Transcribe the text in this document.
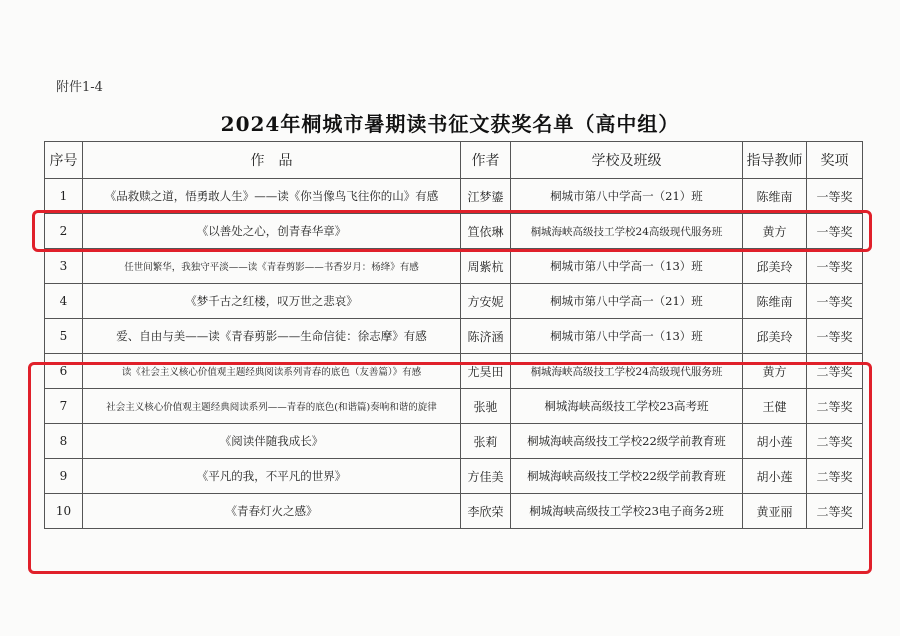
附件1-4
2024年桐城市暑期读书征文获奖名单（高中组）
序号	作　品	作者	学校及班级	指导教师	奖项
1	《品救赎之道，悟勇敢人生》——读《你当像鸟飞往你的山》有感	江梦鎏	桐城市第八中学高一（21）班	陈维南	一等奖
2	《以善处之心，创青春华章》	笪依琳	桐城海峡高级技工学校24高级现代服务班	黄方	一等奖
3	任世间繁华，我独守平淡——读《青春剪影——书香岁月：杨绛》有感	周紫杭	桐城市第八中学高一（13）班	邱美玲	一等奖
4	《梦千古之红楼，叹万世之悲哀》	方安妮	桐城市第八中学高一（21）班	陈维南	一等奖
5	爱、自由与美——读《青春剪影——生命信徒：徐志摩》有感	陈济涵	桐城市第八中学高一（13）班	邱美玲	一等奖
6	读《社会主义核心价值观主题经典阅读系列青春的底色（友善篇）》有感	尤昊田	桐城海峡高级技工学校24高级现代服务班	黄方	二等奖
7	社会主义核心价值观主题经典阅读系列——青春的底色(和谐篇)奏响和谐的旋律	张驰	桐城海峡高级技工学校23高考班	王健	二等奖
8	《阅读伴随我成长》	张莉	桐城海峡高级技工学校22级学前教育班	胡小莲	二等奖
9	《平凡的我，不平凡的世界》	方佳美	桐城海峡高级技工学校22级学前教育班	胡小莲	二等奖
10	《青春灯火之感》	李欣荣	桐城海峡高级技工学校23电子商务2班	黄亚丽	二等奖
